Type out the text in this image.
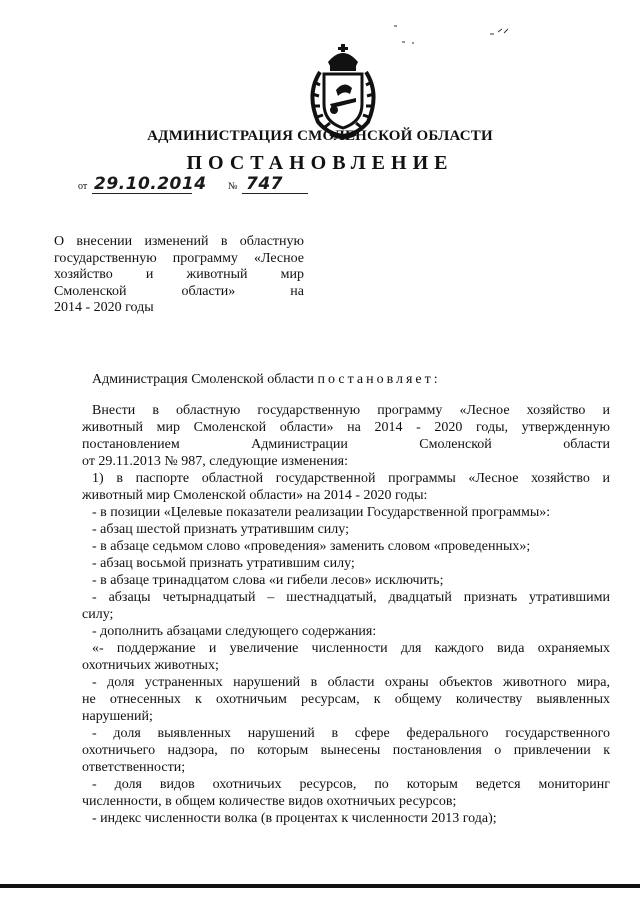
АДМИНИСТРАЦИЯ СМОЛЕНСКОЙ ОБЛАСТИ
ПОСТАНОВЛЕНИЕ
от 29.10.2014 № 747
О внесении изменений в областную
государственную программу «Лесное
хозяйство и животный мир
Смоленской области» на
2014 - 2020 годы
Администрация Смоленской области постановляет:
Внести в областную государственную программу «Лесное хозяйство и
животный мир Смоленской области» на 2014 - 2020 годы, утвержденную
постановлением Администрации Смоленской области
от 29.11.2013 № 987, следующие изменения:
1) в паспорте областной государственной программы «Лесное хозяйство и
животный мир Смоленской области» на 2014 - 2020 годы:
- в позиции «Целевые показатели реализации Государственной программы»:
- абзац шестой признать утратившим силу;
- в абзаце седьмом слово «проведения» заменить словом «проведенных»;
- абзац восьмой признать утратившим силу;
- в абзаце тринадцатом слова «и гибели лесов» исключить;
- абзацы четырнадцатый – шестнадцатый, двадцатый признать утратившими
силу;
- дополнить абзацами следующего содержания:
«- поддержание и увеличение численности для каждого вида охраняемых
охотничьих животных;
- доля устраненных нарушений в области охраны объектов животного мира,
не отнесенных к охотничьим ресурсам, к общему количеству выявленных
нарушений;
- доля выявленных нарушений в сфере федерального государственного
охотничьего надзора, по которым вынесены постановления о привлечении к
ответственности;
- доля видов охотничьих ресурсов, по которым ведется мониторинг
численности, в общем количестве видов охотничьих ресурсов;
- индекс численности волка (в процентах к численности 2013 года);
